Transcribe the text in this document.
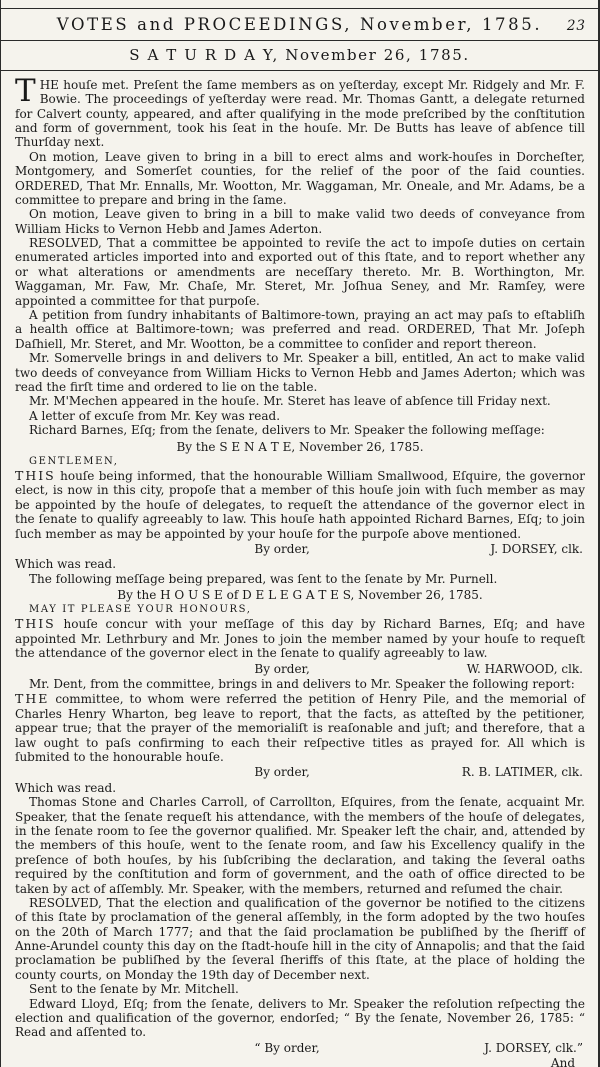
VOTES and PROCEEDINGS, November, 1785. 23
S A T U R D A Y, November 26, 1785.

THE houſe met. Preſent the ſame members as on yeſterday, except Mr. Ridgely and Mr. F. Bowie. The proceedings of yeſterday were read. Mr. Thomas Gantt, a delegate returned for Calvert county, appeared, and after qualifying in the mode preſcribed by the conſtitution and form of government, took his ſeat in the houſe. Mr. De Butts has leave of abſence till Thurſday next.

On motion, Leave given to bring in a bill to erect alms and work-houſes in Dorcheſter, Montgomery, and Somerſet counties, for the relief of the poor of the ſaid counties. ORDERED, That Mr. Ennalls, Mr. Wootton, Mr. Waggaman, Mr. Oneale, and Mr. Adams, be a committee to prepare and bring in the ſame.

On motion, Leave given to bring in a bill to make valid two deeds of conveyance from William Hicks to Vernon Hebb and James Aderton.

RESOLVED, That a committee be appointed to reviſe the act to impoſe duties on certain enumerated articles imported into and exported out of this ſtate, and to report whether any or what alterations or amendments are neceſſary thereto. Mr. B. Worthington, Mr. Waggaman, Mr. Faw, Mr. Chaſe, Mr. Steret, Mr. Joſhua Seney, and Mr. Ramſey, were appointed a committee for that purpoſe.

A petition from ſundry inhabitants of Baltimore-town, praying an act may paſs to eſtabliſh a health office at Baltimore-town; was preferred and read. ORDERED, That Mr. Joſeph Daſhiell, Mr. Steret, and Mr. Wootton, be a committee to conſider and report thereon.

Mr. Somervelle brings in and delivers to Mr. Speaker a bill, entitled, An act to make valid two deeds of conveyance from William Hicks to Vernon Hebb and James Aderton; which was read the firſt time and ordered to lie on the table.

Mr. M'Mechen appeared in the houſe. Mr. Steret has leave of abſence till Friday next.

A letter of excuſe from Mr. Key was read.

Richard Barnes, Eſq; from the ſenate, delivers to Mr. Speaker the following meſſage:

By the S E N A T E, November 26, 1785.

GENTLEMEN,

THIS houſe being informed, that the honourable William Smallwood, Eſquire, the governor elect, is now in this city, propoſe that a member of this houſe join with ſuch member as may be appointed by the houſe of delegates, to requeſt the attendance of the governor elect in the ſenate to qualify agreeably to law. This houſe hath appointed Richard Barnes, Eſq; to join ſuch member as may be appointed by your houſe for the purpoſe above mentioned.

By order,	J. DORSEY, clk.

Which was read.

The following meſſage being prepared, was ſent to the ſenate by Mr. Purnell.

By the H O U S E of D E L E G A T E S, November 26, 1785.

MAY IT PLEASE YOUR HONOURS,

THIS houſe concur with your meſſage of this day by Richard Barnes, Eſq; and have appointed Mr. Lethrbury and Mr. Jones to join the member named by your houſe to requeſt the attendance of the governor elect in the ſenate to qualify agreeably to law.

By order,	W. HARWOOD, clk.

Mr. Dent, from the committee, brings in and delivers to Mr. Speaker the following report:

THE committee, to whom were referred the petition of Henry Pile, and the memorial of Charles Henry Wharton, beg leave to report, that the facts, as atteſted by the petitioner, appear true; that the prayer of the memorialiſt is reaſonable and juſt; and therefore, that a law ought to paſs confirming to each their reſpective titles as prayed for. All which is ſubmited to the honourable houſe.

By order,	R. B. LATIMER, clk.

Which was read.

Thomas Stone and Charles Carroll, of Carrollton, Eſquires, from the ſenate, acquaint Mr. Speaker, that the ſenate requeſt his attendance, with the members of the houſe of delegates, in the ſenate room to ſee the governor qualified. Mr. Speaker left the chair, and, attended by the members of this houſe, went to the ſenate room, and ſaw his Excellency qualify in the preſence of both houſes, by his ſubſcribing the declaration, and taking the ſeveral oaths required by the conſtitution and form of government, and the oath of office directed to be taken by act of aſſembly. Mr. Speaker, with the members, returned and reſumed the chair.

RESOLVED, That the election and qualification of the governor be notified to the citizens of this ſtate by proclamation of the general aſſembly, in the form adopted by the two houſes on the 20th of March 1777; and that the ſaid proclamation be publiſhed by the ſheriff of Anne-Arundel county this day on the ſtadt-houſe hill in the city of Annapolis; and that the ſaid proclamation be publiſhed by the ſeveral ſheriffs of this ſtate, at the place of holding the county courts, on Monday the 19th day of December next.

Sent to the ſenate by Mr. Mitchell.

Edward Lloyd, Eſq; from the ſenate, delivers to Mr. Speaker the reſolution reſpecting the election and qualification of the governor, endorſed; “ By the ſenate, November 26, 1785: “ Read and aſſented to.

“ By order,	J. DORSEY, clk.”
And
